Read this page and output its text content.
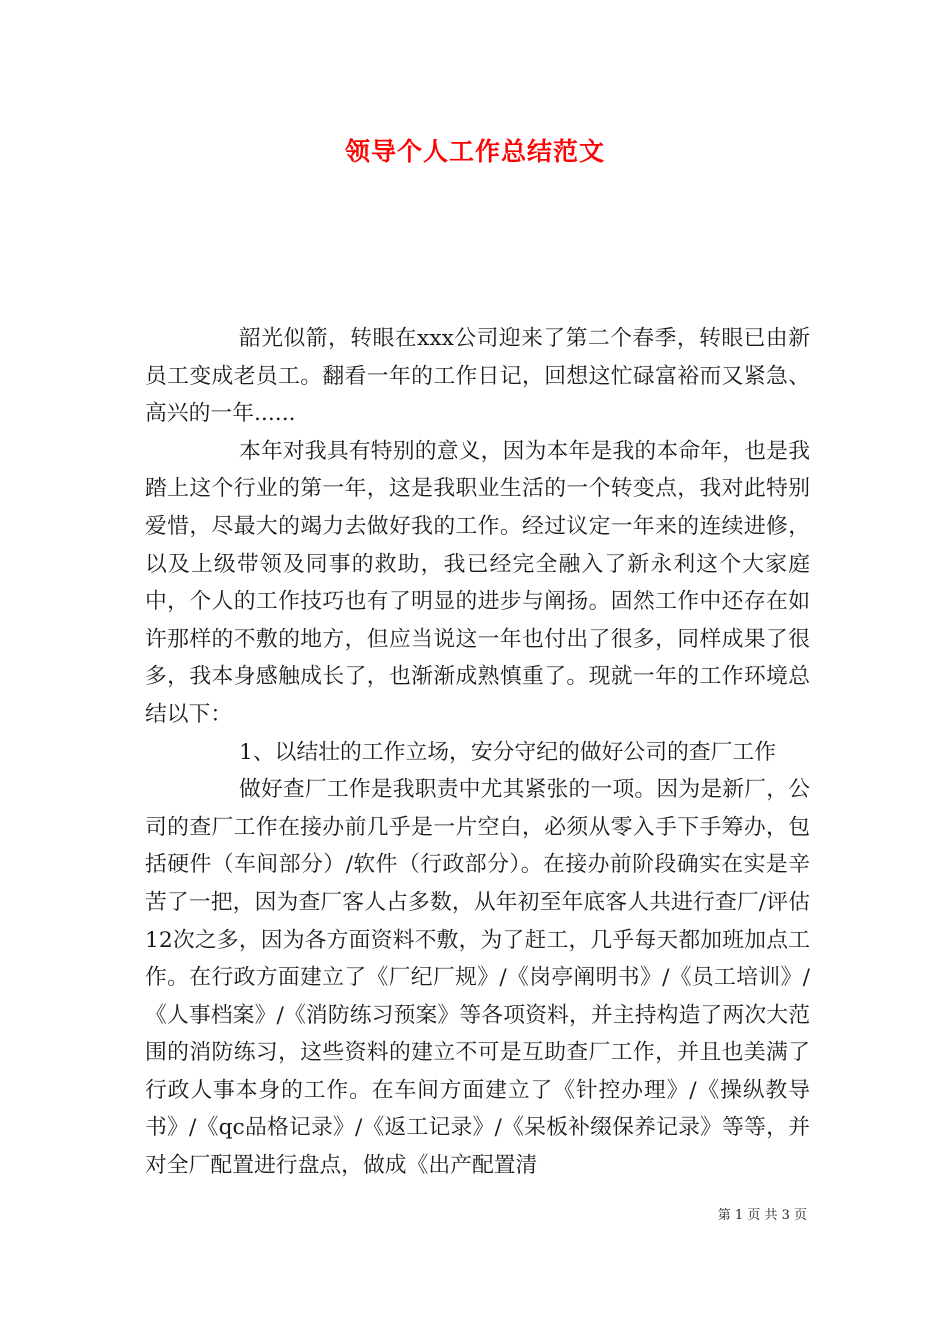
领导个人工作总结范文

韶光似箭，转眼在xxx公司迎来了第二个春季，转眼已由新员工变成老员工。翻看一年的工作日记，回想这忙碌富裕而又紧急、高兴的一年......

本年对我具有特别的意义，因为本年是我的本命年，也是我踏上这个行业的第一年，这是我职业生活的一个转变点，我对此特别爱惜，尽最大的竭力去做好我的工作。经过议定一年来的连续进修，以及上级带领及同事的救助，我已经完全融入了新永利这个大家庭中，个人的工作技巧也有了明显的进步与阐扬。固然工作中还存在如许那样的不敷的地方，但应当说这一年也付出了很多，同样成果了很多，我本身感触成长了，也渐渐成熟慎重了。现就一年的工作环境总结以下：

1、以结壮的工作立场，安分守纪的做好公司的查厂工作

做好查厂工作是我职责中尤其紧张的一项。因为是新厂，公司的查厂工作在接办前几乎是一片空白，必须从零入手下手筹办，包括硬件（车间部分）/软件（行政部分）。在接办前阶段确实在实是辛苦了一把，因为查厂客人占多数，从年初至年底客人共进行查厂/评估12次之多，因为各方面资料不敷，为了赶工，几乎每天都加班加点工作。在行政方面建立了《厂纪厂规》/《岗亭阐明书》/《员工培训》/《人事档案》/《消防练习预案》等各项资料，并主持构造了两次大范围的消防练习，这些资料的建立不可是互助查厂工作，并且也美满了行政人事本身的工作。在车间方面建立了《针控办理》/《操纵教导书》/《qc品格记录》/《返工记录》/《呆板补缀保养记录》等等，并对全厂配置进行盘点，做成《出产配置清

第 1 页 共 3 页
